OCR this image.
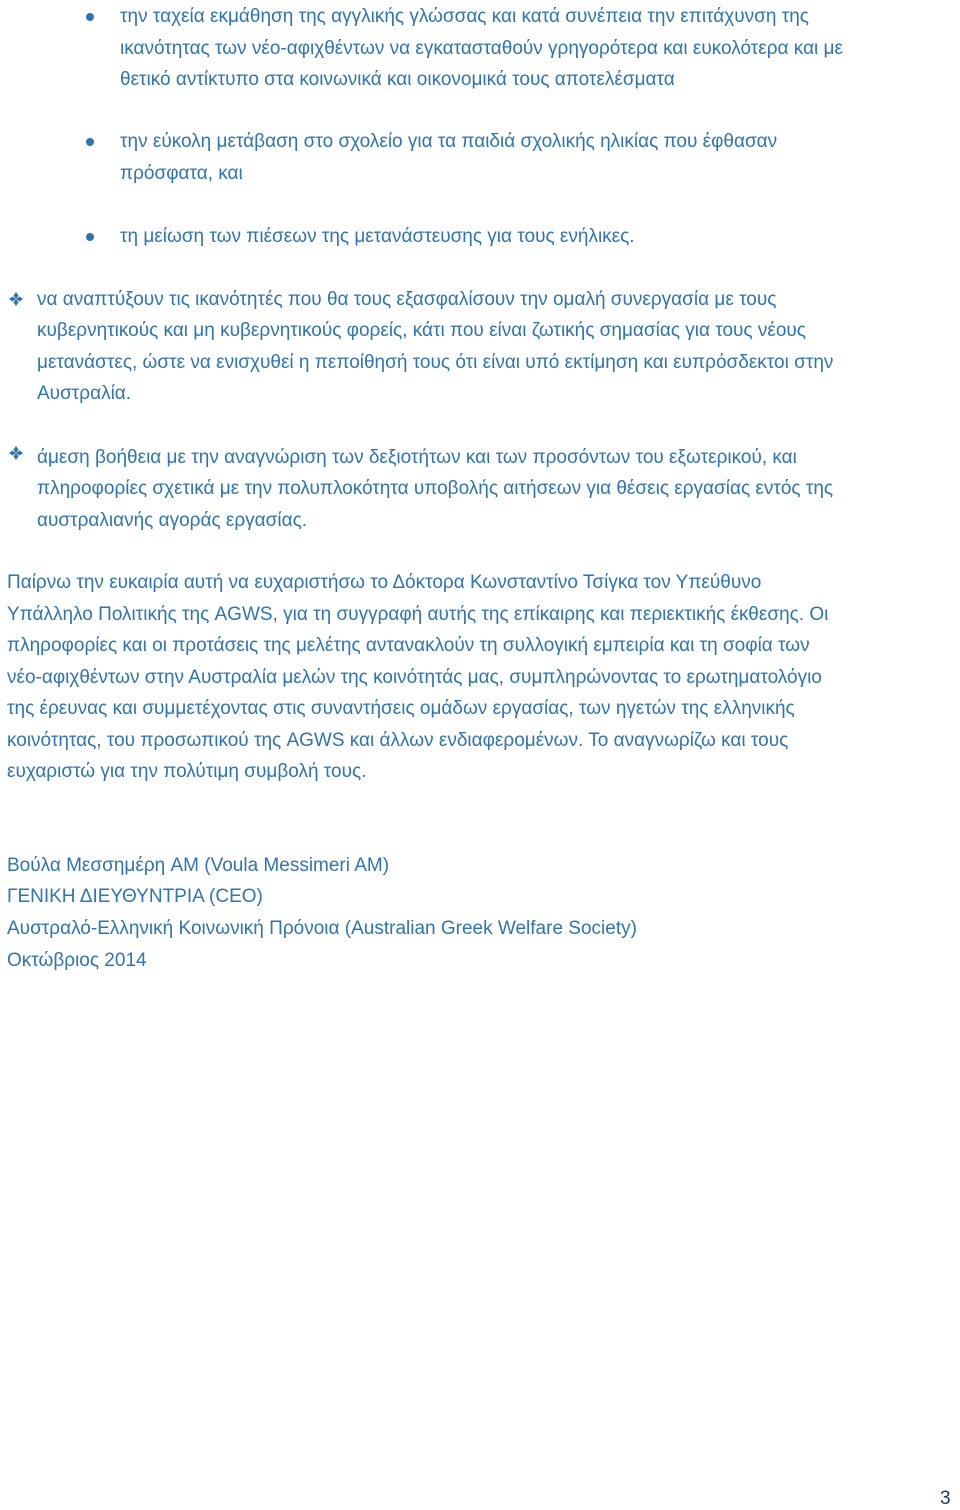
την ταχεία εκμάθηση της αγγλικής γλώσσας και κατά συνέπεια την επιτάχυνση της
ικανότητας των νέο-αφιχθέντων να εγκατασταθούν γρηγορότερα και ευκολότερα και με
θετικό αντίκτυπο στα κοινωνικά και οικονομικά τους αποτελέσματα
την εύκολη μετάβαση στο σχολείο για τα παιδιά σχολικής ηλικίας που έφθασαν
πρόσφατα, και
τη μείωση των πιέσεων της μετανάστευσης για τους ενήλικες.
να αναπτύξουν τις ικανότητές που θα τους εξασφαλίσουν την ομαλή συνεργασία με τους
κυβερνητικούς και μη κυβερνητικούς φορείς, κάτι που είναι ζωτικής σημασίας για τους νέους
μετανάστες, ώστε να ενισχυθεί η πεποίθησή τους ότι είναι υπό εκτίμηση και ευπρόσδεκτοι στην
Αυστραλία.
άμεση βοήθεια με την αναγνώριση των δεξιοτήτων και των προσόντων του εξωτερικού, και
πληροφορίες σχετικά με την πολυπλοκότητα υποβολής αιτήσεων για θέσεις εργασίας εντός της
αυστραλιανής αγοράς εργασίας.
Παίρνω την ευκαιρία αυτή να ευχαριστήσω το Δόκτορα Κωνσταντίνο Τσίγκα τον Υπεύθυνο
Υπάλληλο Πολιτικής της AGWS, για τη συγγραφή αυτής της επίκαιρης και περιεκτικής έκθεσης. Οι
πληροφορίες και οι προτάσεις της μελέτης αντανακλούν τη συλλογική εμπειρία και τη σοφία των
νέο-αφιχθέντων στην Αυστραλία μελών της κοινότητάς μας, συμπληρώνοντας το ερωτηματολόγιο
της έρευνας και συμμετέχοντας στις συναντήσεις ομάδων εργασίας, των ηγετών της ελληνικής
κοινότητας, του προσωπικού της AGWS και άλλων ενδιαφερομένων. Το αναγνωρίζω και τους
ευχαριστώ για την πολύτιμη συμβολή τους.
Βούλα Μεσσημέρη AM (Voula Messimeri AM)
ΓΕΝΙΚΗ ΔΙΕΥΘΥΝΤΡΙΑ (CEO)
Αυστραλό-Ελληνική Κοινωνική Πρόνοια (Australian Greek Welfare Society)
Οκτώβριος 2014
3
